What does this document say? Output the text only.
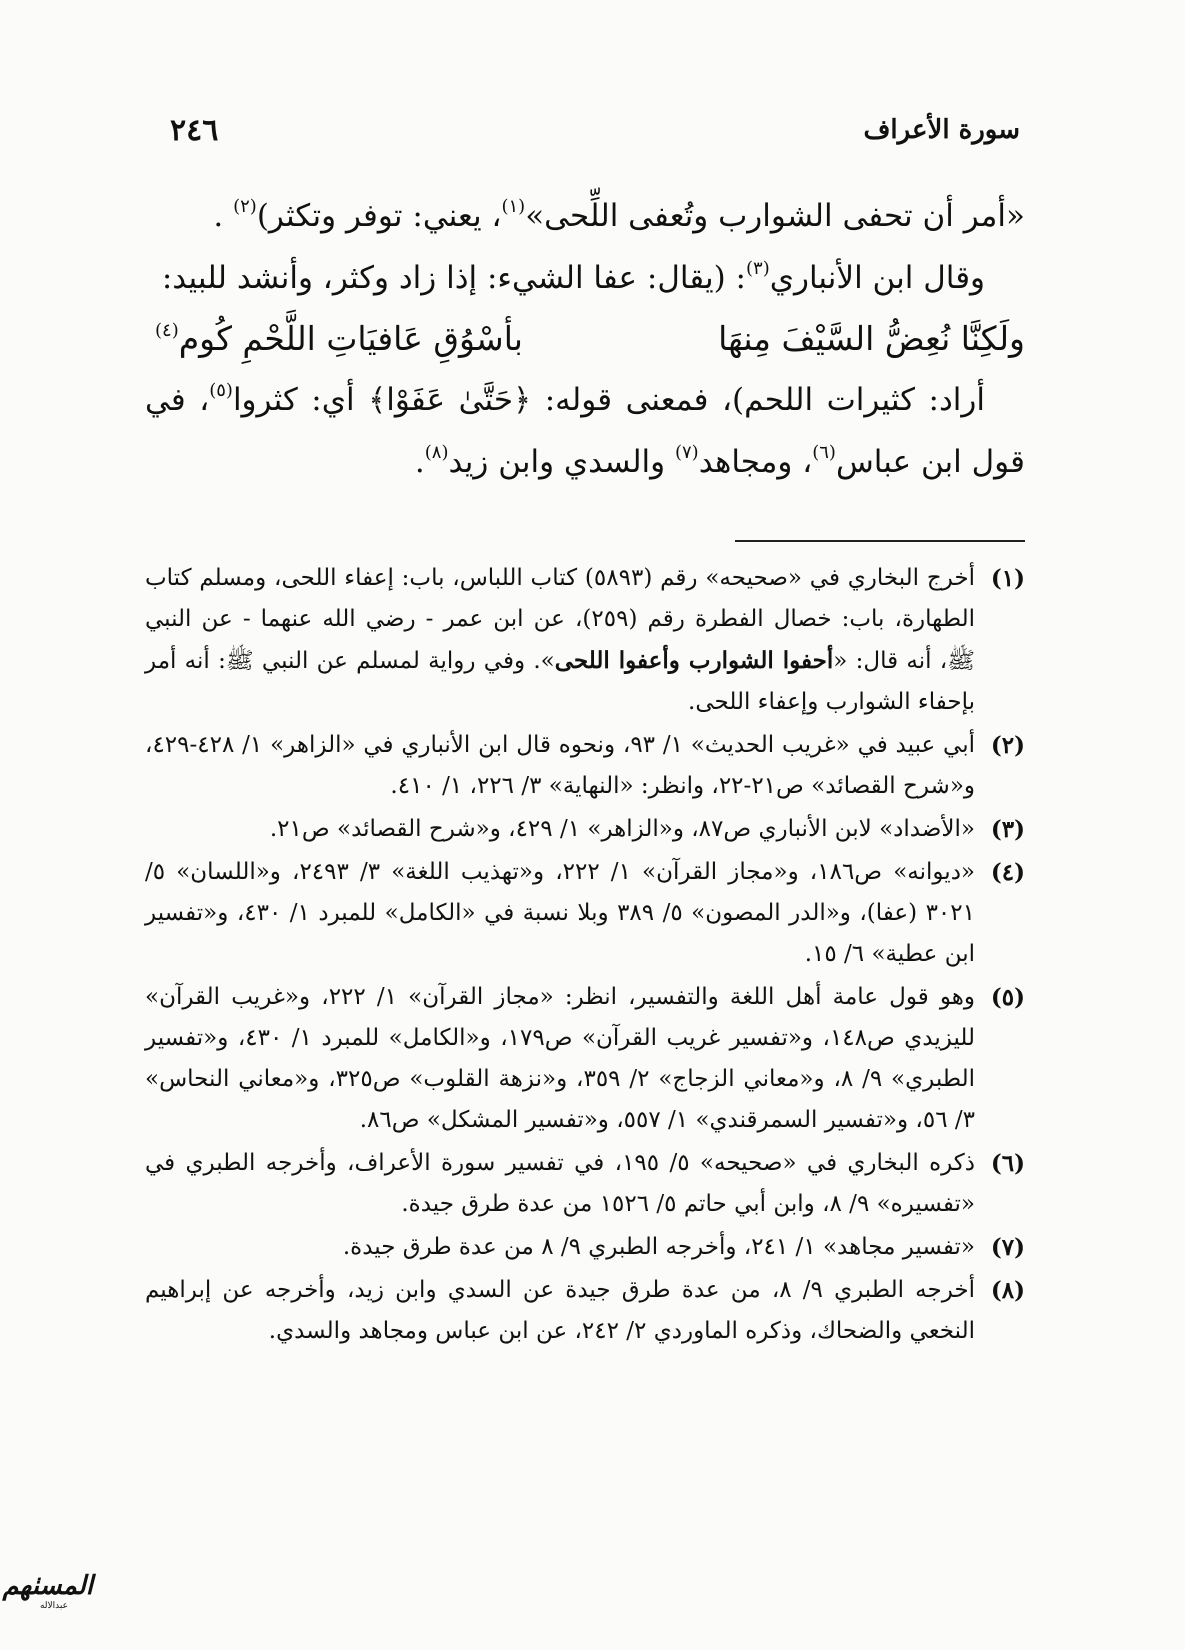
٢٤٦	سورة الأعراف

«أمر أن تحفى الشوارب وتُعفى اللِّحى»$^{(١)}$، يعني: توفر وتكثر)$^{(٢)}$ .

وقال ابن الأنباري$^{(٣)}$: (يقال: عفا الشيء: إذا زاد وكثر، وأنشد للبيد:

ولَكِنَّا نُعِضُّ السَّيْفَ مِنهَا
بأسْوُقِ عَافيَاتِ اللَّحْمِ كُوم$^{(٤)}$

أراد: كثيرات اللحم)، فمعنى قوله: ﴿حَتَّىٰ عَفَوْا﴾ أي: كثروا$^{(٥)}$، في قول ابن عباس$^{(٦)}$، ومجاهد$^{(٧)}$ والسدي وابن زيد$^{(٨)}$.

(١)
أخرج البخاري في «صحيحه» رقم (٥٨٩٣) كتاب اللباس، باب: إعفاء اللحى، ومسلم كتاب الطهارة، باب: خصال الفطرة رقم (٢٥٩)، عن ابن عمر - رضي الله عنهما - عن النبي ﷺ، أنه قال: «أحفوا الشوارب وأعفوا اللحى». وفي رواية لمسلم عن النبي ﷺ: أنه أمر بإحفاء الشوارب وإعفاء اللحى.
(٢)
أبي عبيد في «غريب الحديث» ١/ ٩٣، ونحوه قال ابن الأنباري في «الزاهر» ١/ ٤٢٨-٤٢٩، و«شرح القصائد» ص٢١-٢٢، وانظر: «النهاية» ٣/ ٢٢٦، ١/ ٤١٠.
(٣)
«الأضداد» لابن الأنباري ص٨٧، و«الزاهر» ١/ ٤٢٩، و«شرح القصائد» ص٢١.
(٤)
«ديوانه» ص١٨٦، و«مجاز القرآن» ١/ ٢٢٢، و«تهذيب اللغة» ٣/ ٢٤٩٣، و«اللسان» ٥/ ٣٠٢١ (عفا)، و«الدر المصون» ٥/ ٣٨٩ وبلا نسبة في «الكامل» للمبرد ١/ ٤٣٠، و«تفسير ابن عطية» ٦/ ١٥.
(٥)
وهو قول عامة أهل اللغة والتفسير، انظر: «مجاز القرآن» ١/ ٢٢٢، و«غريب القرآن» لليزيدي ص١٤٨، و«تفسير غريب القرآن» ص١٧٩، و«الكامل» للمبرد ١/ ٤٣٠، و«تفسير الطبري» ٩/ ٨، و«معاني الزجاج» ٢/ ٣٥٩، و«نزهة القلوب» ص٣٢٥، و«معاني النحاس» ٣/ ٥٦، و«تفسير السمرقندي» ١/ ٥٥٧، و«تفسير المشكل» ص٨٦.
(٦)
ذكره البخاري في «صحيحه» ٥/ ١٩٥، في تفسير سورة الأعراف، وأخرجه الطبري في «تفسيره» ٩/ ٨، وابن أبي حاتم ٥/ ١٥٢٦ من عدة طرق جيدة.
(٧)
«تفسير مجاهد» ١/ ٢٤١، وأخرجه الطبري ٩/ ٨ من عدة طرق جيدة.
(٨)
أخرجه الطبري ٩/ ٨، من عدة طرق جيدة عن السدي وابن زيد، وأخرجه عن إبراهيم النخعي والضحاك، وذكره الماوردي ٢/ ٢٤٢، عن ابن عباس ومجاهد والسدي.
المسٺهم
عبدالاله
